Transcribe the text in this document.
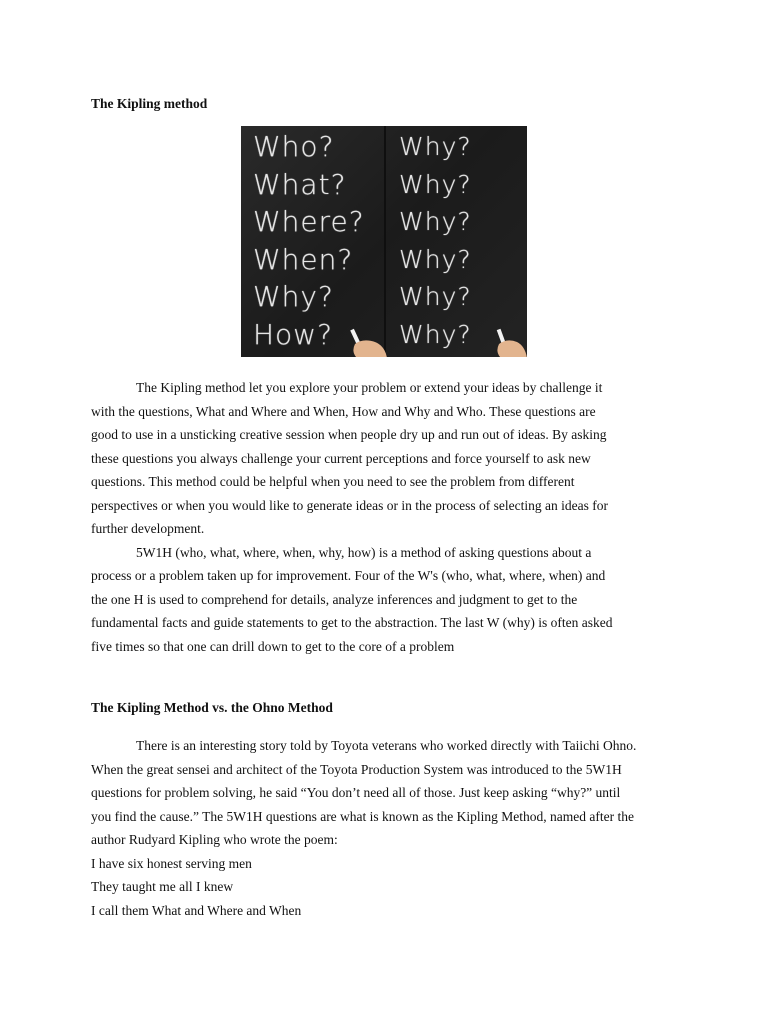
The Kipling method
Who?
What?
Where?
When?
Why?
How?
Why?
Why?
Why?
Why?
Why?
Why?
The Kipling method let you explore your problem or extend your ideas by challenge it
with the questions, What and Where and When, How and Why and Who. These questions are
good to use in a unsticking creative session when people dry up and run out of ideas. By asking
these questions you always challenge your current perceptions and force yourself to ask new
questions. This method could be helpful when you need to see the problem from different
perspectives or when you would like to generate ideas or in the process of selecting an ideas for
further development.
5W1H (who, what, where, when, why, how) is a method of asking questions about a
process or a problem taken up for improvement. Four of the W's (who, what, where, when) and
the one H is used to comprehend for details, analyze inferences and judgment to get to the
fundamental facts and guide statements to get to the abstraction. The last W (why) is often asked
five times so that one can drill down to get to the core of a problem
The Kipling Method vs. the Ohno Method
There is an interesting story told by Toyota veterans who worked directly with Taiichi Ohno.
When the great sensei and architect of the Toyota Production System was introduced to the 5W1H
questions for problem solving, he said “You don’t need all of those. Just keep asking “why?” until
you find the cause.” The 5W1H questions are what is known as the Kipling Method, named after the
author Rudyard Kipling who wrote the poem:
I have six honest serving men
They taught me all I knew
I call them What and Where and When
